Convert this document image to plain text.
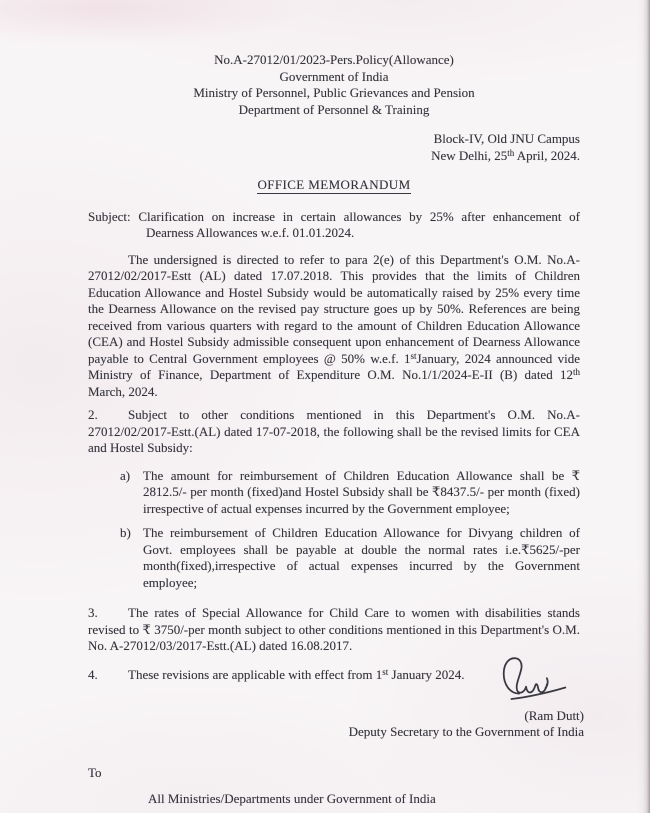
No.A-27012/01/2023-Pers.Policy(Allowance)
Government of India
Ministry of Personnel, Public Grievances and Pension
Department of Personnel & Training
Block-IV, Old JNU Campus
New Delhi, 25th April, 2024.
OFFICE MEMORANDUM

Subject: Clarification on increase in certain allowances by 25% after enhancement of Dearness Allowances w.e.f. 01.01.2024.

The undersigned is directed to refer to para 2(e) of this Department's O.M. No.A-27012/02/2017-Estt (AL) dated 17.07.2018. This provides that the limits of Children Education Allowance and Hostel Subsidy would be automatically raised by 25% every time the Dearness Allowance on the revised pay structure goes up by 50%. References are being received from various quarters with regard to the amount of Children Education Allowance (CEA) and Hostel Subsidy admissible consequent upon enhancement of Dearness Allowance payable to Central Government employees @ 50% w.e.f. 1stJanuary, 2024 announced vide Ministry of Finance, Department of Expenditure O.M. No.1/1/2024-E-II (B) dated 12th March, 2024.

2. Subject to other conditions mentioned in this Department's O.M. No.A-27012/02/2017-Estt.(AL) dated 17-07-2018, the following shall be the revised limits for CEA and Hostel Subsidy:

a) The amount for reimbursement of Children Education Allowance shall be ₹ 2812.5/- per month (fixed)and Hostel Subsidy shall be ₹8437.5/- per month (fixed) irrespective of actual expenses incurred by the Government employee;
b) The reimbursement of Children Education Allowance for Divyang children of Govt. employees shall be payable at double the normal rates i.e.₹5625/-per month(fixed),irrespective of actual expenses incurred by the Government employee;

3. The rates of Special Allowance for Child Care to women with disabilities stands revised to ₹ 3750/-per month subject to other conditions mentioned in this Department's O.M. No. A-27012/03/2017-Estt.(AL) dated 16.08.2017.

4. These revisions are applicable with effect from 1st January 2024.

(Ram Dutt)
Deputy Secretary to the Government of India
To
All Ministries/Departments under Government of India
